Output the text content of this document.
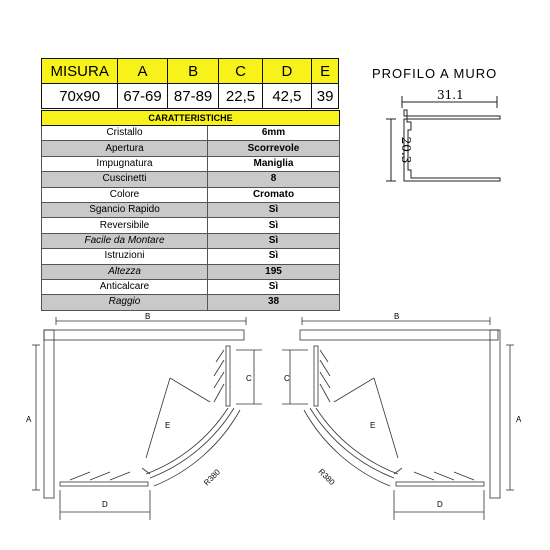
MISURA	A	B	C	D	E
70x90	67-69	87-89	22,5	42,5	39
CARATTERISTICHE	
Cristallo	6mm
Apertura	Scorrevole
Impugnatura	Maniglia
Cuscinetti	8
Colore	Cromato
Sgancio Rapido	Sì
Reversibile	Sì
Facile da Montare	Sì
Istruzioni	Sì
Altezza	195
Anticalcare	Sì
Raggio	38
PROFILO A MURO
31.1
20.3
B
A
C
E
D
R380
B
A
C
E
D
R380
